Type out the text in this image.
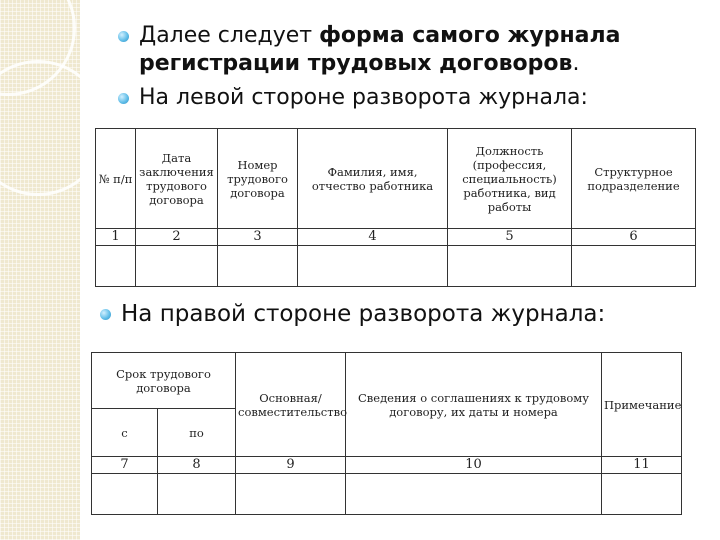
Далее следует форма самого журнала регистрации трудовых договоров.
На левой стороне разворота журнала:
№ п/п	Дата заключения трудового договора	Номер трудового договора	Фамилия, имя, отчество работника	Должность (профессия, специальность) работника, вид работы	Структурное подразделение
1	2	3	4	5	6

На правой стороне разворота журнала:
Срок трудового договора		Основная/ совместительство	Сведения о соглашениях к трудовому договору, их даты и номера	Примечание
с	по			
7	8	9	10	11
